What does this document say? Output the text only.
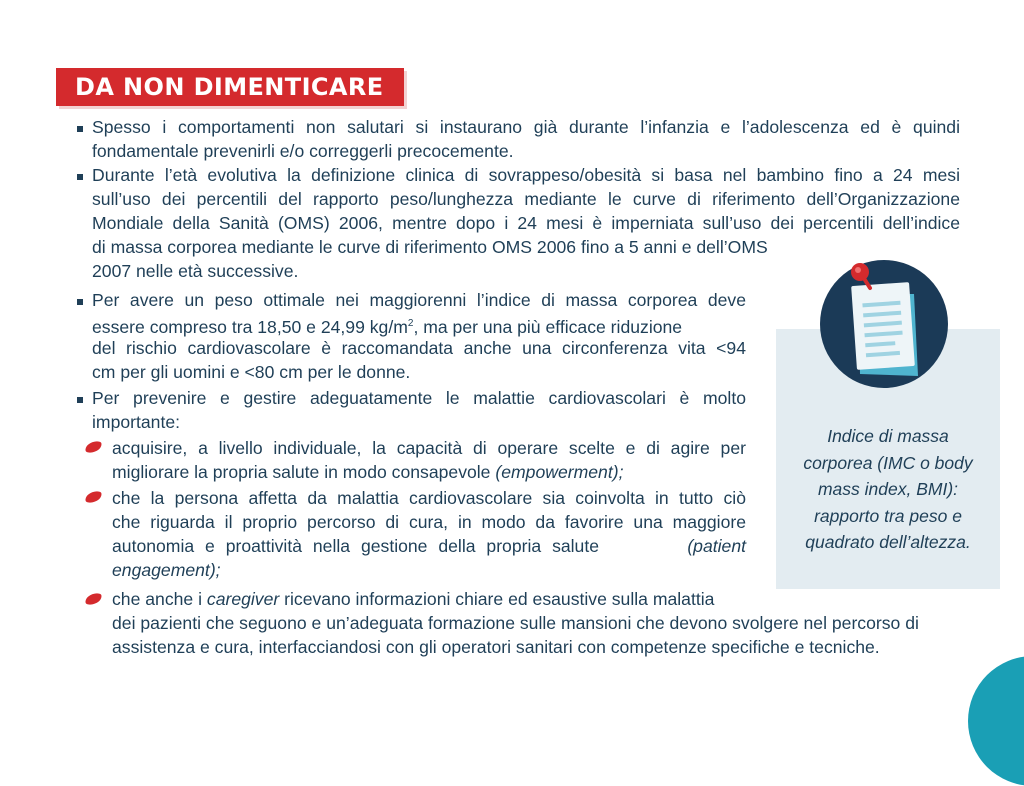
DA NON DIMENTICARE

Spesso i comportamenti non salutari si instaurano già durante l’infanzia e l’adolescenza ed è quindi

fondamentale prevenirli e/o correggerli precocemente.

Durante l’età evolutiva la definizione clinica di sovrappeso/obesità si basa nel bambino fino a 24 mesi

sull’uso dei percentili del rapporto peso/lunghezza mediante le curve di riferimento dell’Organizzazione

Mondiale della Sanità (OMS) 2006, mentre dopo i 24 mesi è imperniata sull’uso dei percentili dell’indice

di massa corporea mediante le curve di riferimento OMS 2006 fino a 5 anni e dell’OMS

2007 nelle età successive.

Per avere un peso ottimale nei maggiorenni l’indice di massa corporea deve

essere compreso tra 18,50 e 24,99 $kg/m^2$, ma per una più efficace riduzione

del rischio cardiovascolare è raccomandata anche una circonferenza vita <94

cm per gli uomini e <80 cm per le donne.

Per prevenire e gestire adeguatamente le malattie cardiovascolari è molto

importante:

acquisire, a livello individuale, la capacità di operare scelte e di agire per

migliorare la propria salute in modo consapevole (empowerment);

che la persona affetta da malattia cardiovascolare sia coinvolta in tutto ciò

che riguarda il proprio percorso di cura, in modo da favorire una maggiore

autonomia e proattività nella gestione della propria salute	(patient

engagement);

che anche i caregiver ricevano informazioni chiare ed esaustive sulla malattia

dei pazienti che seguono e un’adeguata formazione sulle mansioni che devono svolgere nel percorso di

assistenza e cura, interfacciandosi con gli operatori sanitari con competenze specifiche e tecniche.

Indice di massa
corporea (IMC o body
mass index, BMI):
rapporto tra peso e
quadrato dell’altezza.
